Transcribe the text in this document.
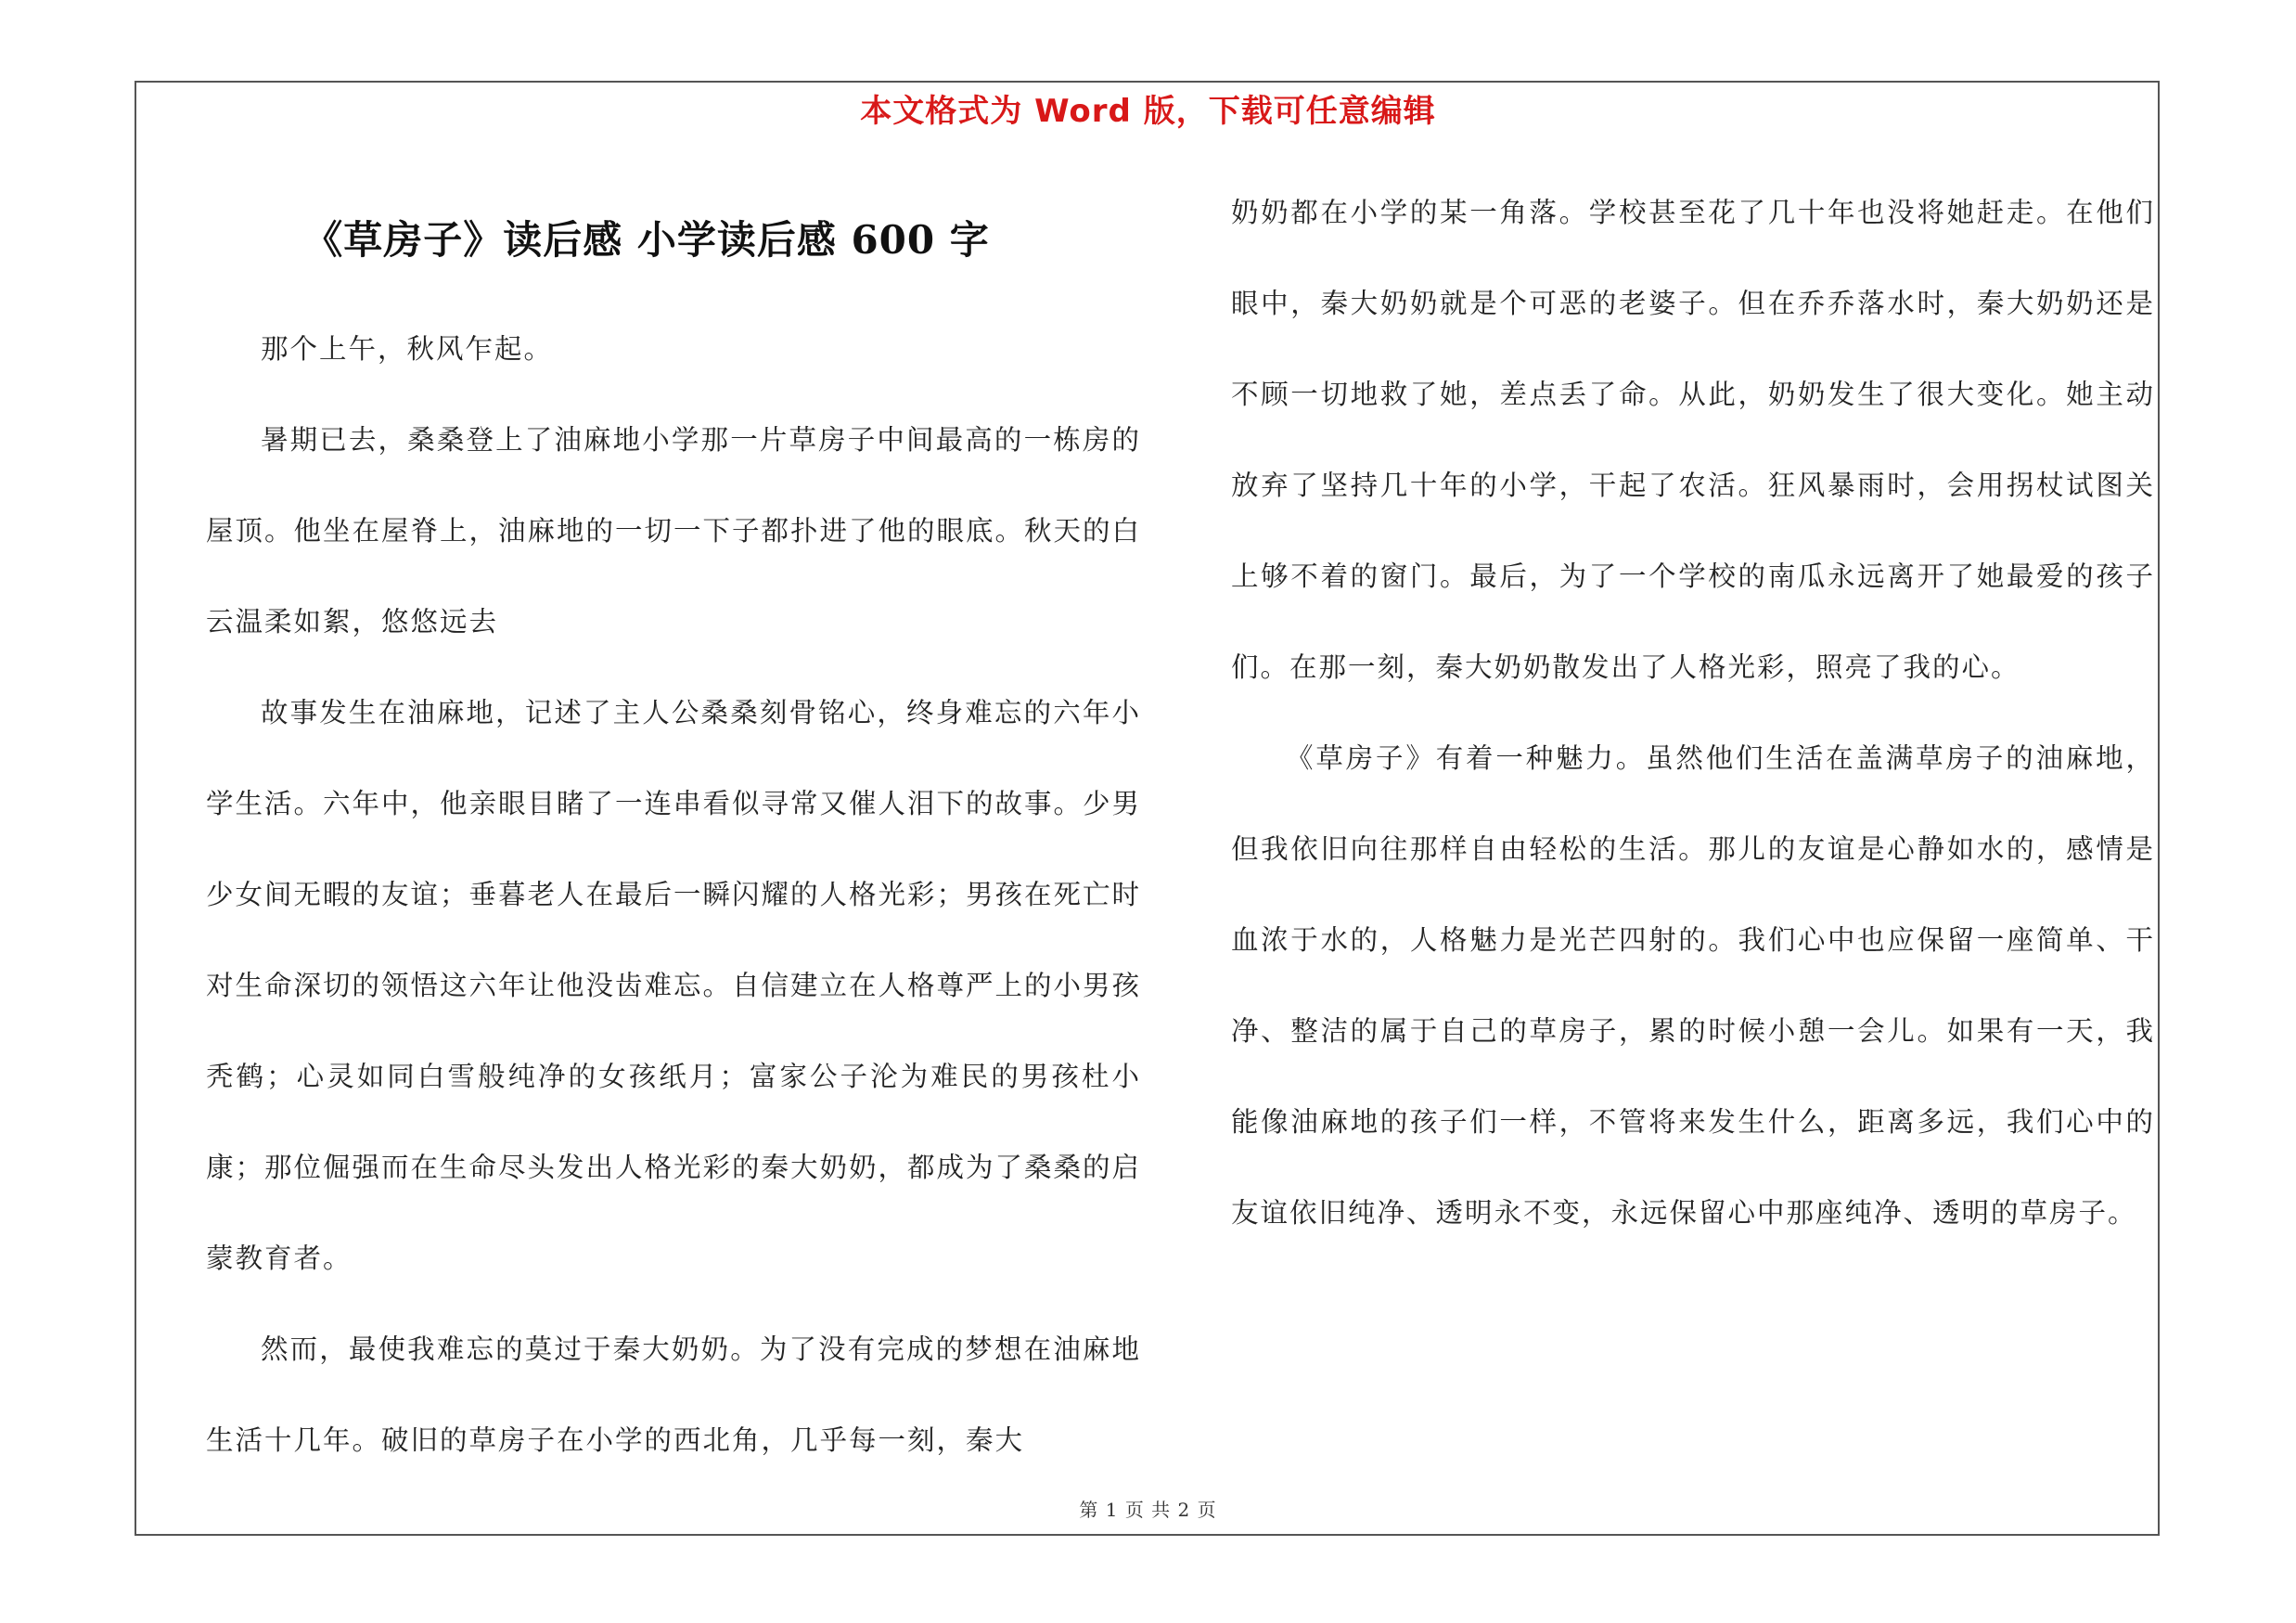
本文格式为 Word 版，下载可任意编辑
《草房子》读后感 小学读后感 600 字

那个上午，秋风乍起。

暑期已去，桑桑登上了油麻地小学那一片草房子中间最高的一栋房的屋顶。他坐在屋脊上，油麻地的一切一下子都扑进了他的眼底。秋天的白云温柔如絮，悠悠远去

故事发生在油麻地，记述了主人公桑桑刻骨铭心，终身难忘的六年小学生活。六年中，他亲眼目睹了一连串看似寻常又催人泪下的故事。少男少女间无暇的友谊；垂暮老人在最后一瞬闪耀的人格光彩；男孩在死亡时对生命深切的领悟这六年让他没齿难忘。自信建立在人格尊严上的小男孩秃鹤；心灵如同白雪般纯净的女孩纸月；富家公子沦为难民的男孩杜小康；那位倔强而在生命尽头发出人格光彩的秦大奶奶，都成为了桑桑的启蒙教育者。

然而，最使我难忘的莫过于秦大奶奶。为了没有完成的梦想在油麻地生活十几年。破旧的草房子在小学的西北角，几乎每一刻，秦大

奶奶都在小学的某一角落。学校甚至花了几十年也没将她赶走。在他们眼中，秦大奶奶就是个可恶的老婆子。但在乔乔落水时，秦大奶奶还是不顾一切地救了她，差点丢了命。从此，奶奶发生了很大变化。她主动放弃了坚持几十年的小学，干起了农活。狂风暴雨时，会用拐杖试图关上够不着的窗门。最后，为了一个学校的南瓜永远离开了她最爱的孩子们。在那一刻，秦大奶奶散发出了人格光彩，照亮了我的心。

《草房子》有着一种魅力。虽然他们生活在盖满草房子的油麻地，但我依旧向往那样自由轻松的生活。那儿的友谊是心静如水的，感情是血浓于水的，人格魅力是光芒四射的。我们心中也应保留一座简单、干净、整洁的属于自己的草房子，累的时候小憩一会儿。如果有一天，我能像油麻地的孩子们一样，不管将来发生什么，距离多远，我们心中的友谊依旧纯净、透明永不变，永远保留心中那座纯净、透明的草房子。

第 1 页 共 2 页
